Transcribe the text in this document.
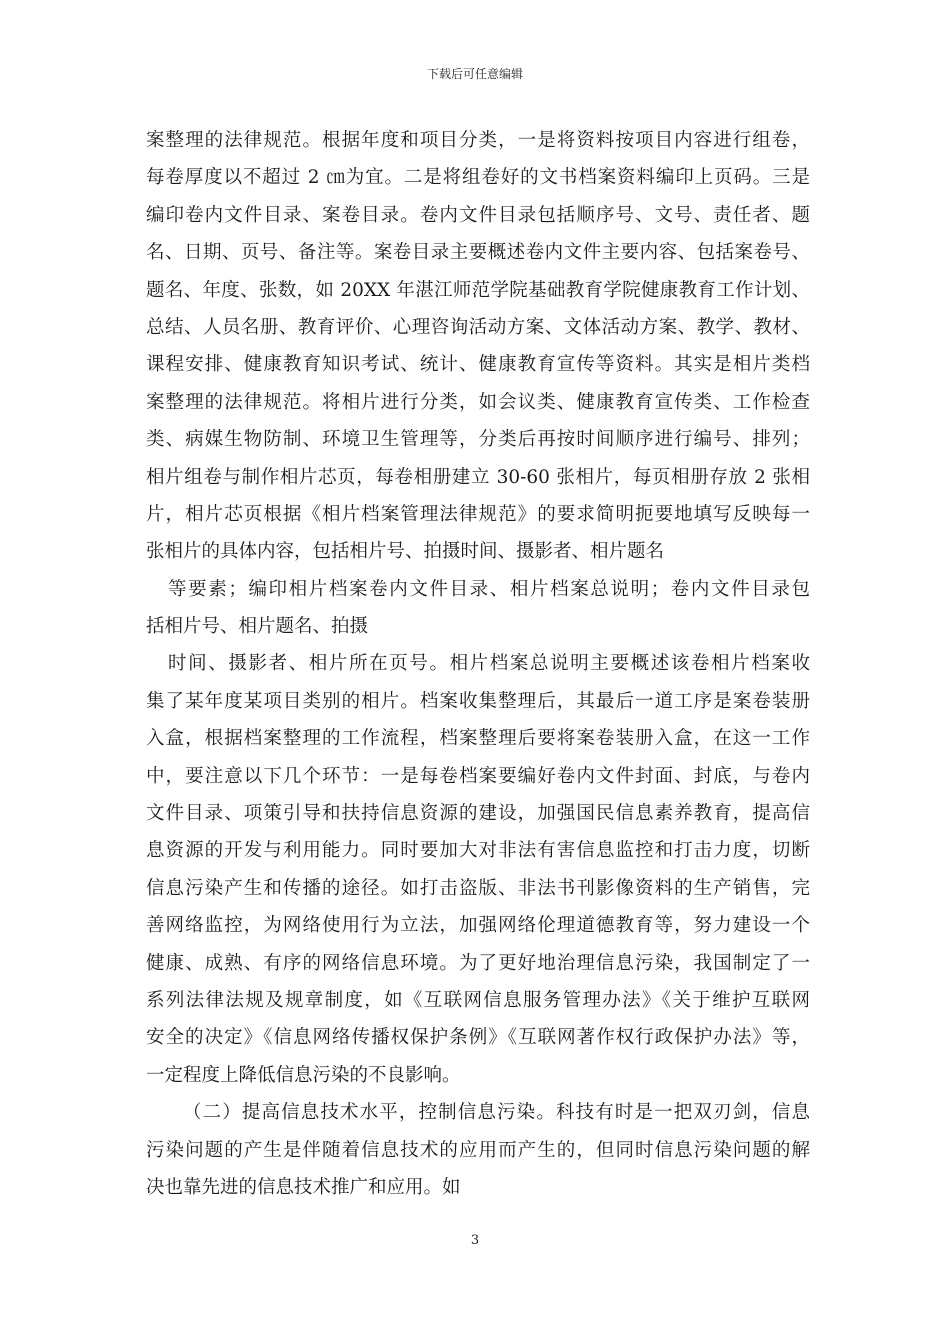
下载后可任意编辑
案整理的法律规范。根据年度和项目分类，一是将资料按项目内容进行组卷，
每卷厚度以不超过 2 ㎝为宜。二是将组卷好的文书档案资料编印上页码。三是
编印卷内文件目录、案卷目录。卷内文件目录包括顺序号、文号、责任者、题
名、日期、页号、备注等。案卷目录主要概述卷内文件主要内容、包括案卷号、
题名、年度、张数，如 20XX 年湛江师范学院基础教育学院健康教育工作计划、
总结、人员名册、教育评价、心理咨询活动方案、文体活动方案、教学、教材、
课程安排、健康教育知识考试、统计、健康教育宣传等资料。其实是相片类档
案整理的法律规范。将相片进行分类，如会议类、健康教育宣传类、工作检查
类、病媒生物防制、环境卫生管理等，分类后再按时间顺序进行编号、排列；
相片组卷与制作相片芯页，每卷相册建立 30-60 张相片，每页相册存放 2 张相
片，相片芯页根据《相片档案管理法律规范》的要求简明扼要地填写反映每一
张相片的具体内容，包括相片号、拍摄时间、摄影者、相片题名
等要素；编印相片档案卷内文件目录、相片档案总说明；卷内文件目录包
括相片号、相片题名、拍摄
时间、摄影者、相片所在页号。相片档案总说明主要概述该卷相片档案收
集了某年度某项目类别的相片。档案收集整理后，其最后一道工序是案卷装册
入盒，根据档案整理的工作流程，档案整理后要将案卷装册入盒，在这一工作
中，要注意以下几个环节：一是每卷档案要编好卷内文件封面、封底，与卷内
文件目录、项策引导和扶持信息资源的建设，加强国民信息素养教育，提高信
息资源的开发与利用能力。同时要加大对非法有害信息监控和打击力度，切断
信息污染产生和传播的途径。如打击盗版、非法书刊影像资料的生产销售，完
善网络监控，为网络使用行为立法，加强网络伦理道德教育等，努力建设一个
健康、成熟、有序的网络信息环境。为了更好地治理信息污染，我国制定了一
系列法律法规及规章制度，如《互联网信息服务管理办法》《关于维护互联网
安全的决定》《信息网络传播权保护条例》《互联网著作权行政保护办法》等，
一定程度上降低信息污染的不良影响。
（二）提高信息技术水平，控制信息污染。科技有时是一把双刃剑，信息
污染问题的产生是伴随着信息技术的应用而产生的，但同时信息污染问题的解
决也靠先进的信息技术推广和应用。如
3
